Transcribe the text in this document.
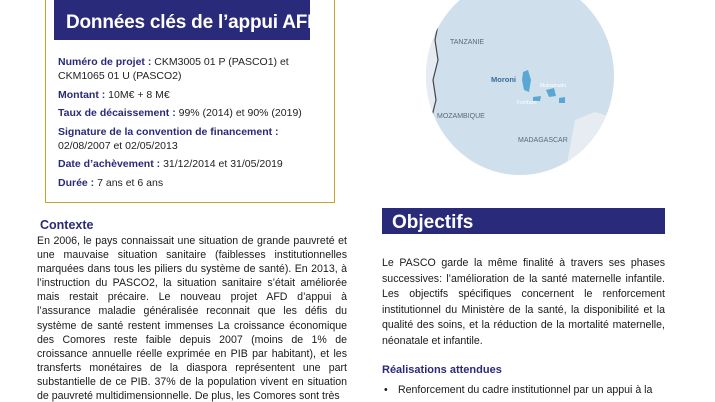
Données clés de l’appui AFD
Numéro de projet : CKM3005 01 P (PASCO1) et CKM1065 01 U (PASCO2)
Montant : 10M€ + 8 M€
Taux de décaissement : 99% (2014) et 90% (2019)
Signature de la convention de financement :
02/08/2007 et 02/05/2013
Date d’achèvement : 31/12/2014 et 31/05/2019
Durée : 7 ans et 6 ans
TANZANIE
Moroni
Mutsamudu
Fomboni
MOZAMBIQUE
MADAGASCAR
Contexte
En 2006, le pays connaissait une situation de grande pauvreté et une mauvaise situation sanitaire (faiblesses institutionnelles marquées dans tous les piliers du système de santé). En 2013, à l’instruction du PASCO2, la situation sanitaire s’était améliorée mais restait précaire. Le nouveau projet AFD d’appui à l’assurance maladie généralisée reconnait que les défis du système de santé restent immenses La croissance économique des Comores reste faible depuis 2007 (moins de 1% de croissance annuelle réelle exprimée en PIB par habitant), et les transferts monétaires de la diaspora représentent une part substantielle de ce PIB. 37% de la population vivent en situation de pauvreté multidimensionnelle. De plus, les Comores sont très
Objectifs
Le PASCO garde la même finalité à travers ses phases successives: l’amélioration de la santé maternelle infantile. Les objectifs spécifiques concernent le renforcement institutionnel du Ministère de la santé, la disponibilité et la qualité des soins, et la réduction de la mortalité maternelle, néonatale et infantile.
Réalisations attendues
• Renforcement du cadre institutionnel par un appui à la
